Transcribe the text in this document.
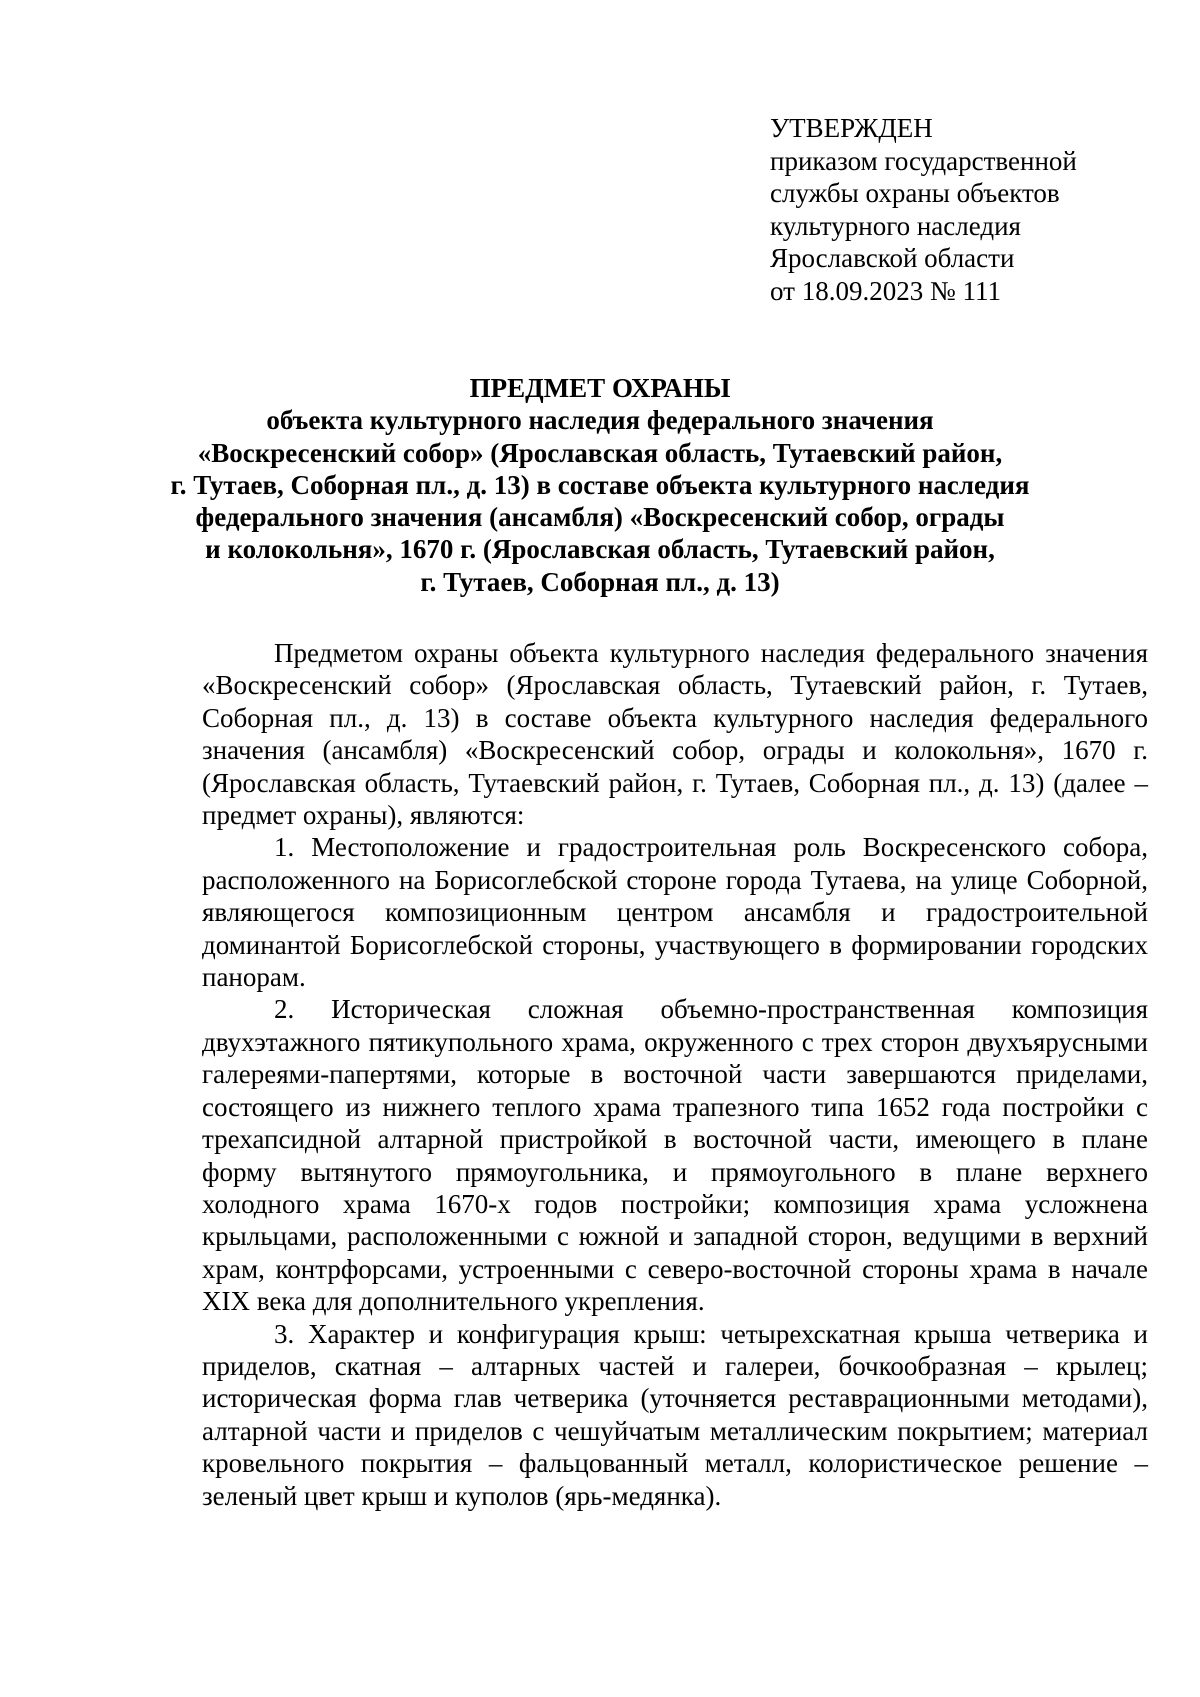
УТВЕРЖДЕН
приказом государственной
службы охраны объектов
культурного наследия
Ярославской области
от 18.09.2023 № 111
ПРЕДМЕТ ОХРАНЫ
объекта культурного наследия федерального значения
«Воскресенский собор» (Ярославская область, Тутаевский район,
г. Тутаев, Соборная пл., д. 13) в составе объекта культурного наследия
федерального значения (ансамбля) «Воскресенский собор, ограды
и колокольня», 1670 г. (Ярославская область, Тутаевский район,
г. Тутаев, Соборная пл., д. 13)

Предметом охраны объекта культурного наследия федерального значения «Воскресенский собор» (Ярославская область, Тутаевский район, г. Тутаев, Соборная пл., д. 13) в составе объекта культурного наследия федерального значения (ансамбля) «Воскресенский собор, ограды и колокольня», 1670 г. (Ярославская область, Тутаевский район, г. Тутаев, Соборная пл., д. 13) (далее – предмет охраны), являются:

1. Местоположение и градостроительная роль Воскресенского собора, расположенного на Борисоглебской стороне города Тутаева, на улице Соборной, являющегося композиционным центром ансамбля и градостроительной доминантой Борисоглебской стороны, участвующего в формировании городских панорам.

2. Историческая сложная объемно-пространственная композиция двухэтажного пятикупольного храма, окруженного с трех сторон двухъярусными галереями-папертями, которые в восточной части завершаются приделами, состоящего из нижнего теплого храма трапезного типа 1652 года постройки с трехапсидной алтарной пристройкой в восточной части, имеющего в плане форму вытянутого прямоугольника, и прямоугольного в плане верхнего холодного храма 1670-х годов постройки; композиция храма усложнена крыльцами, расположенными с южной и западной сторон, ведущими в верхний храм, контрфорсами, устроенными с северо-восточной стороны храма в начале XIX века для дополнительного укрепления.

3. Характер и конфигурация крыш: четырехскатная крыша четверика и приделов, скатная – алтарных частей и галереи, бочкообразная – крылец; историческая форма глав четверика (уточняется реставрационными методами), алтарной части и приделов с чешуйчатым металлическим покрытием; материал кровельного покрытия – фальцованный металл, колористическое решение – зеленый цвет крыш и куполов (ярь-медянка).
